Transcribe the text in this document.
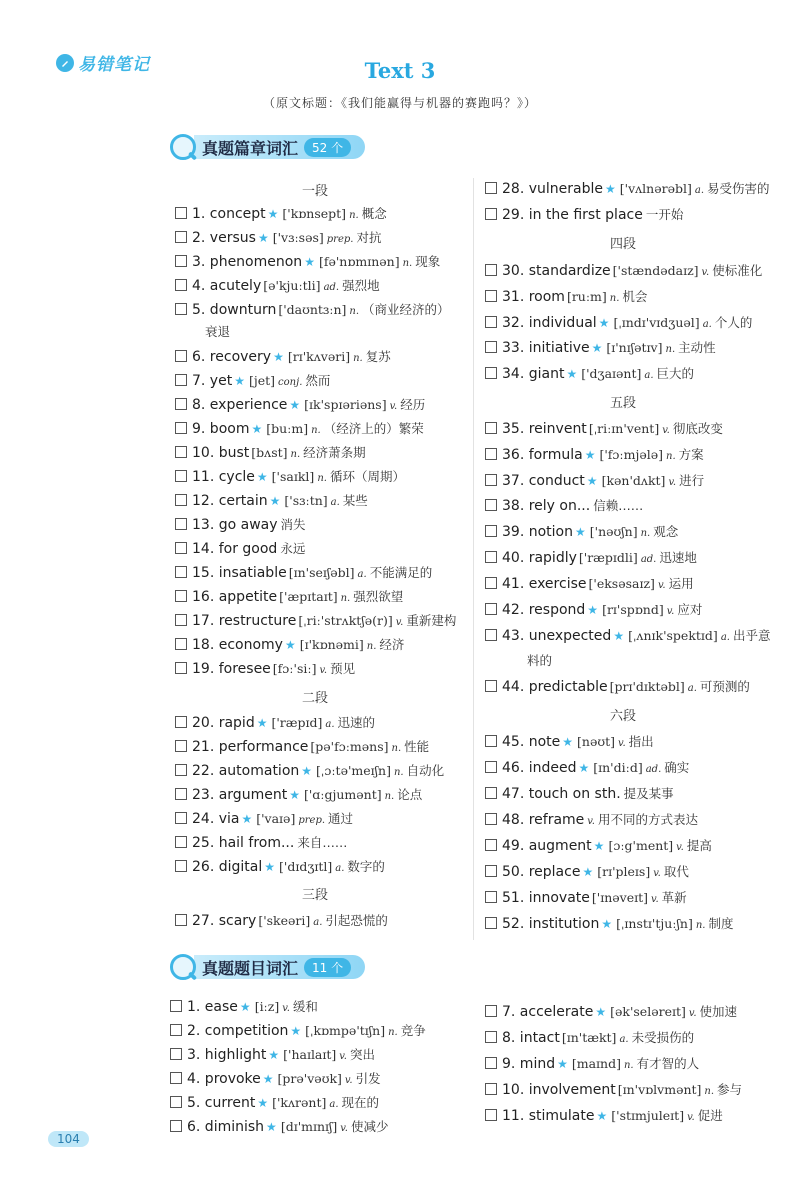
易错笔记	Text 3
（原文标题：《我们能赢得与机器的赛跑吗？》）
真题篇章词汇	52 个
一段
二段
三段
四段
五段
六段
1. concept ★ ['kɒnsept] n. 概念
2. versus ★ ['vɜːsəs] prep. 对抗
3. phenomenon ★ [fə'nɒmɪnən] n. 现象
4. acutely [ə'kjuːtli] ad. 强烈地
5. downturn ['daʊntɜːn] n. （商业经济的）
6. recovery ★ [rɪ'kʌvəri] n. 复苏
7. yet ★ [jet] conj. 然而
8. experience ★ [ɪk'spɪəriəns] v. 经历
9. boom ★ [buːm] n. （经济上的）繁荣
10. bust [bʌst] n. 经济萧条期
11. cycle ★ ['saɪkl] n. 循环（周期）
12. certain ★ ['sɜːtn] a. 某些
13. go away 消失
14. for good 永远
15. insatiable [ɪn'seɪʃəbl] a. 不能满足的
16. appetite ['æpɪtaɪt] n. 强烈欲望
17. restructure [ˌriː'strʌktʃə(r)] v. 重新建构
18. economy ★ [ɪ'kɒnəmi] n. 经济
19. foresee [fɔː'siː] v. 预见
20. rapid ★ ['ræpɪd] a. 迅速的
21. performance [pə'fɔːməns] n. 性能
22. automation ★ [ˌɔːtə'meɪʃn] n. 自动化
23. argument ★ ['ɑːgjumənt] n. 论点
24. via ★ ['vaɪə] prep. 通过
25. hail from... 来自……
26. digital ★ ['dɪdʒɪtl] a. 数字的
27. scary ['skeəri] a. 引起恐慌的
28. vulnerable ★ ['vʌlnərəbl] a. 易受伤害的
29. in the first place 一开始
30. standardize ['stændədaɪz] v. 使标准化
31. room [ruːm] n. 机会
32. individual ★ [ˌɪndɪ'vɪdʒuəl] a. 个人的
33. initiative ★ [ɪ'nɪʃətɪv] n. 主动性
34. giant ★ ['dʒaɪənt] a. 巨大的
35. reinvent [ˌriːɪn'vent] v. 彻底改变
36. formula ★ ['fɔːmjələ] n. 方案
37. conduct ★ [kən'dʌkt] v. 进行
38. rely on... 信赖……
39. notion ★ ['nəʊʃn] n. 观念
40. rapidly ['ræpɪdli] ad. 迅速地
41. exercise ['eksəsaɪz] v. 运用
42. respond ★ [rɪ'spɒnd] v. 应对
43. unexpected ★ [ˌʌnɪk'spektɪd] a. 出乎意
44. predictable [prɪ'dɪktəbl] a. 可预测的
45. note ★ [nəʊt] v. 指出
46. indeed ★ [ɪn'diːd] ad. 确实
47. touch on sth. 提及某事
48. reframe v. 用不同的方式表达
49. augment ★ [ɔːg'ment] v. 提高
50. replace ★ [rɪ'pleɪs] v. 取代
51. innovate ['ɪnəveɪt] v. 革新
52. institution ★ [ˌɪnstɪ'tjuːʃn] n. 制度
衰退
料的
真题题目词汇	11 个
1. ease ★ [iːz] v. 缓和
2. competition ★ [ˌkɒmpə'tɪʃn] n. 竞争
3. highlight ★ ['haɪlaɪt] v. 突出
4. provoke ★ [prə'vəʊk] v. 引发
5. current ★ ['kʌrənt] a. 现在的
6. diminish ★ [dɪ'mɪnɪʃ] v. 使减少
7. accelerate ★ [ək'seləreɪt] v. 使加速
8. intact [ɪn'tækt] a. 未受损伤的
9. mind ★ [maɪnd] n. 有才智的人
10. involvement [ɪn'vɒlvmənt] n. 参与
11. stimulate ★ ['stɪmjuleɪt] v. 促进
104
